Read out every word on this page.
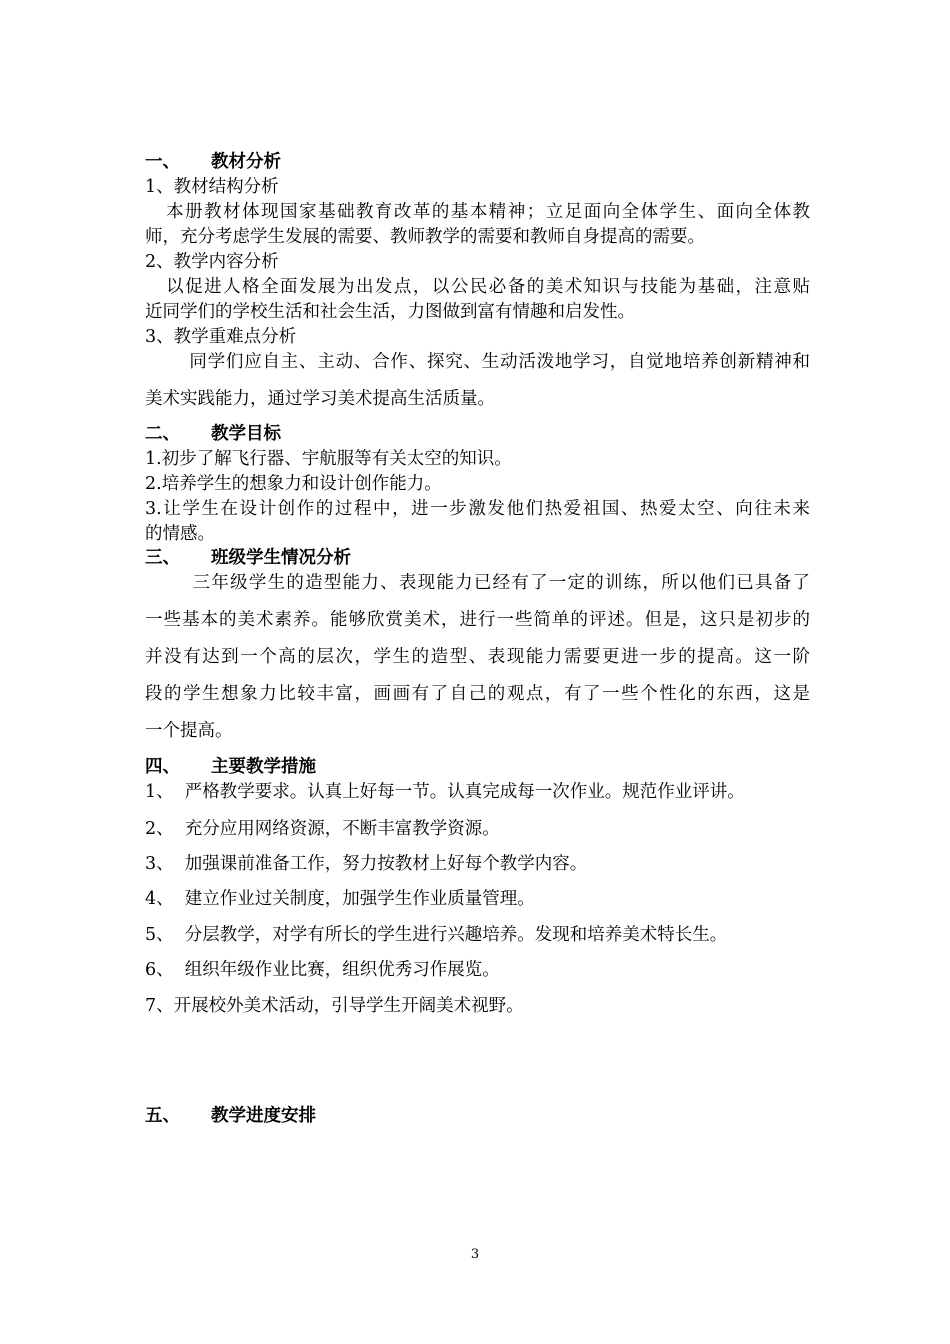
一、 教材分析
1、教材结构分析
本册教材体现国家基础教育改革的基本精神；立足面向全体学生、面向全体教
师，充分考虑学生发展的需要、教师教学的需要和教师自身提高的需要。
2、教学内容分析
以促进人格全面发展为出发点，以公民必备的美术知识与技能为基础，注意贴
近同学们的学校生活和社会生活，力图做到富有情趣和启发性。
3、教学重难点分析
同学们应自主、主动、合作、探究、生动活泼地学习，自觉地培养创新精神和
美术实践能力，通过学习美术提高生活质量。
二、 教学目标
1.初步了解飞行器、宇航服等有关太空的知识。
2.培养学生的想象力和设计创作能力。
3.让学生在设计创作的过程中，进一步激发他们热爱祖国、热爱太空、向往未来
的情感。
三、 班级学生情况分析
三年级学生的造型能力、表现能力已经有了一定的训练，所以他们已具备了
一些基本的美术素养。能够欣赏美术，进行一些简单的评述。但是，这只是初步的
并没有达到一个高的层次，学生的造型、表现能力需要更进一步的提高。这一阶
段的学生想象力比较丰富，画画有了自己的观点，有了一些个性化的东西，这是
一个提高。
四、 主要教学措施
1、  严格教学要求。认真上好每一节。认真完成每一次作业。规范作业评讲。
2、  充分应用网络资源，不断丰富教学资源。
3、  加强课前准备工作，努力按教材上好每个教学内容。
4、  建立作业过关制度，加强学生作业质量管理。
5、  分层教学，对学有所长的学生进行兴趣培养。发现和培养美术特长生。
6、  组织年级作业比赛，组织优秀习作展览。
7、开展校外美术活动，引导学生开阔美术视野。
五、 教学进度安排
3
